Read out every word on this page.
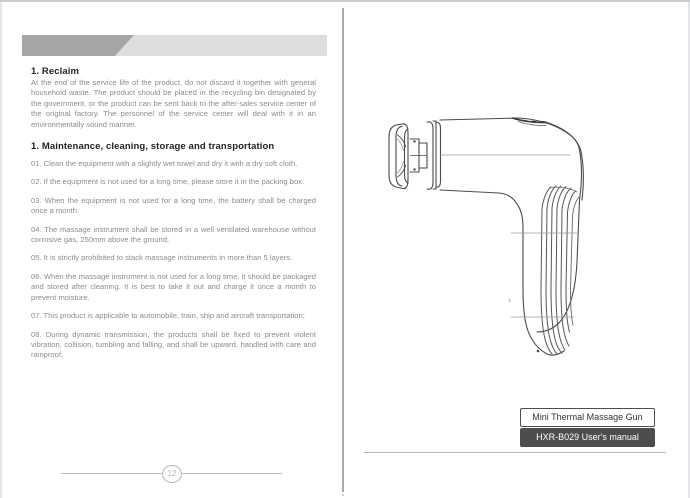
1. Reclaim

At the end of the service life of the product, do not discard it together with general household waste. The product should be placed in the recycling bin designated by the government, or the product can be sent back to the after-sales service center of the original factory. The personnel of the service center will deal with it in an environmentally sound manner.

1. Maintenance, cleaning, storage and transportation

01. Clean the equipment with a slightly wet towel and dry it with a dry soft cloth.

02. If the equipment is not used for a long time, please store it in the packing box.

03. When the equipment is not used for a long time, the battery shall be charged once a month.

04. The massage instrument shall be stored in a well ventilated warehouse without corrosive gas, 250mm above the ground;

05. It is strictly prohibited to stack massage instruments in more than 5 layers.

06. When the massage instrument is not used for a long time, it should be packaged and stored after cleaning. It is best to take it out and charge it once a month to prevent moisture.

07. This product is applicable to automobile, train, ship and aircraft transportation;

08. During dynamic transmission, the products shall be fixed to prevent violent vibration, collision, tumbling and falling, and shall be upward, handled with care and rainproof;

12
Mini Thermal Massage Gun
HXR-B029 User's manual
